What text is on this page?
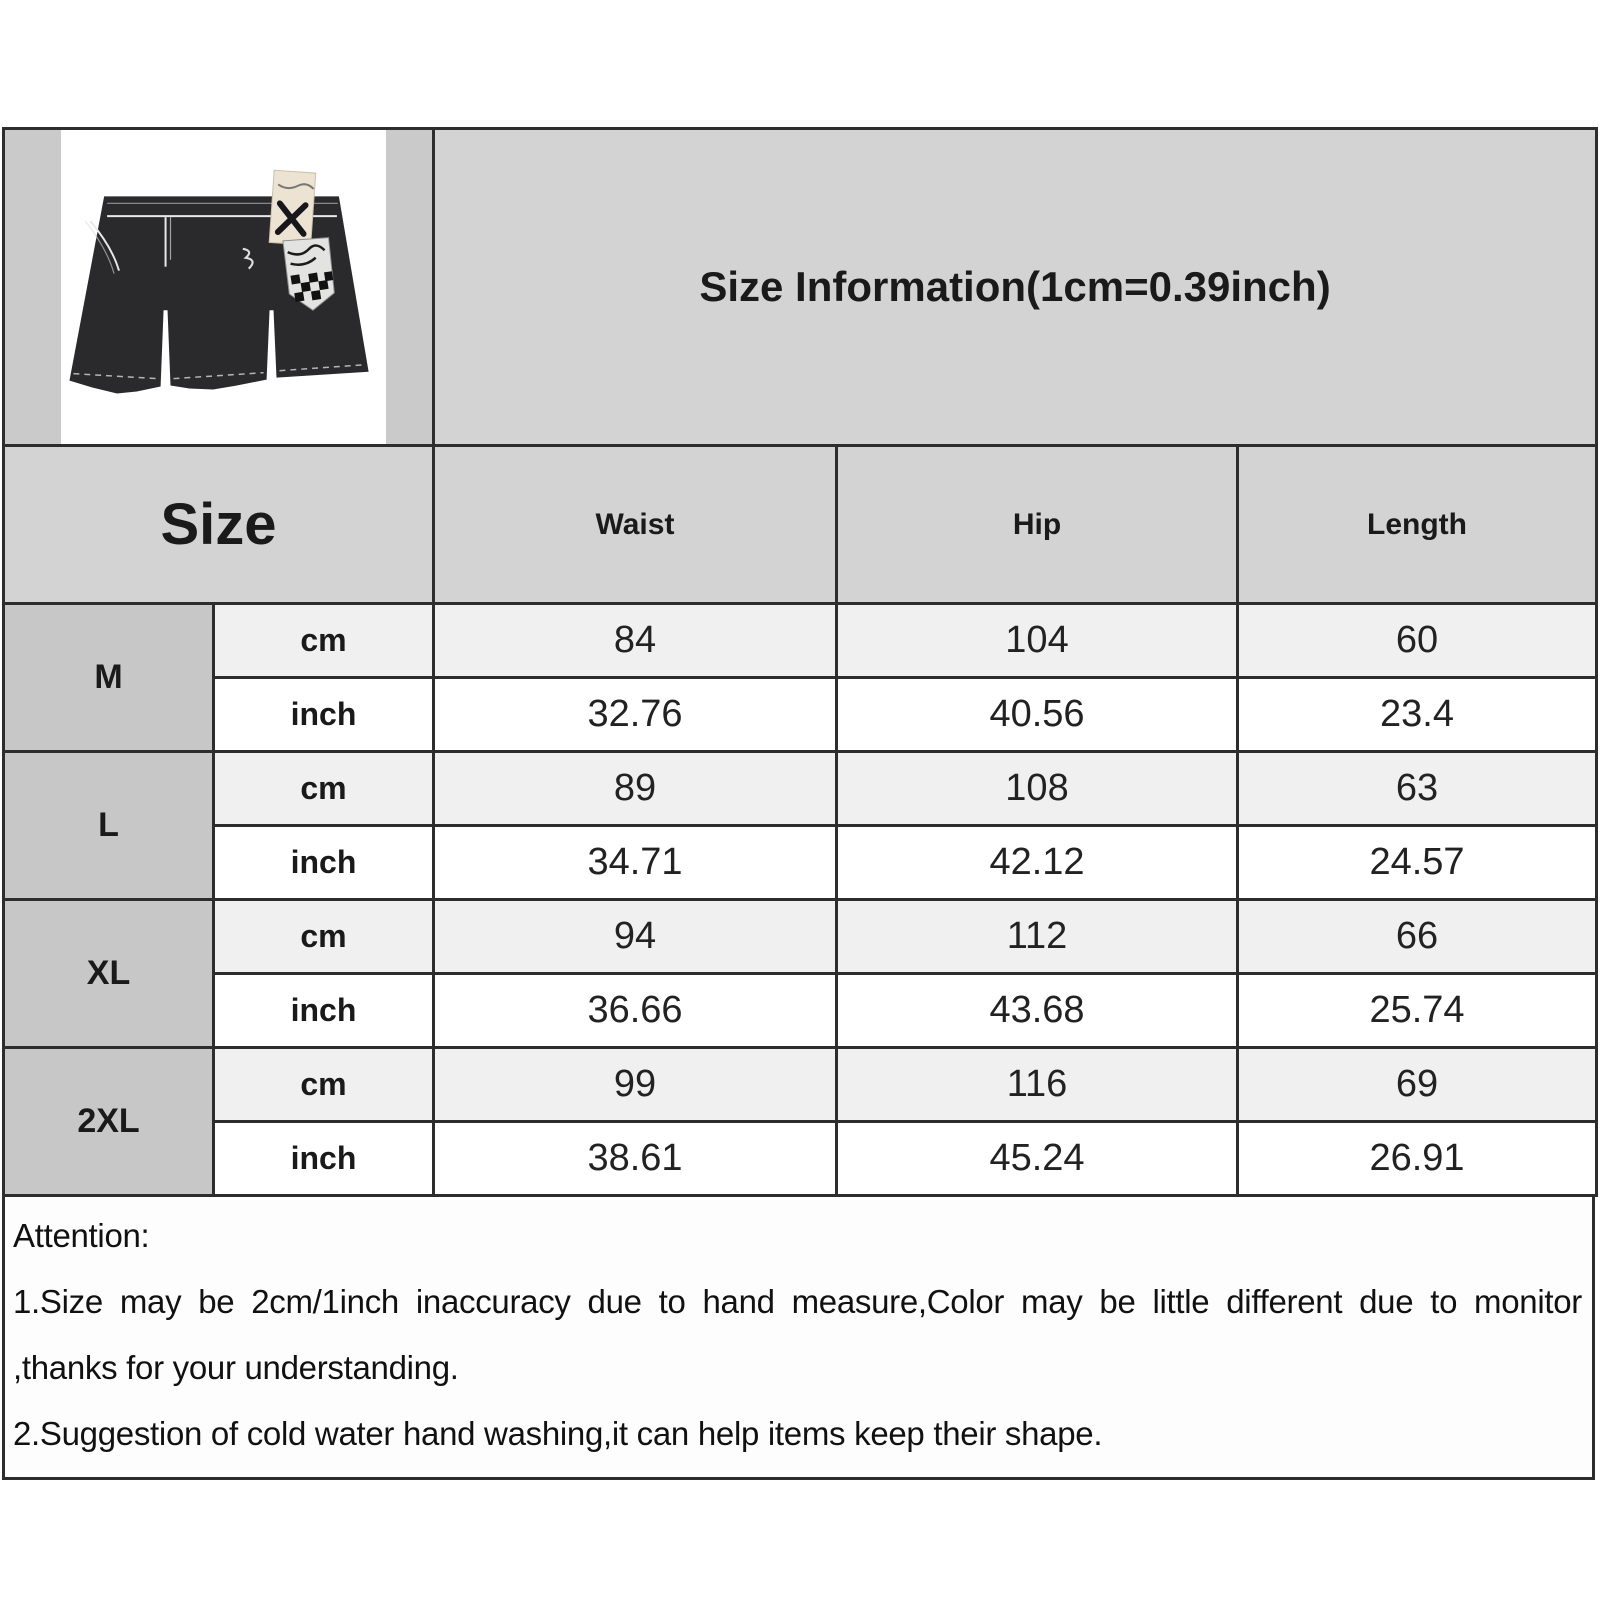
	Size Information(1cm=0.39inch)		
Size		Waist	Hip	Length
M	cm	84	104	60
	inch	32.76	40.56	23.4
L	cm	89	108	63
	inch	34.71	42.12	24.57
XL	cm	94	112	66
	inch	36.66	43.68	25.74
2XL	cm	99	116	69
	inch	38.61	45.24	26.91
Attention:
1.Size may be 2cm/1inch inaccuracy due to hand measure,Color may be little different due to monitor
,thanks for your understanding.
2.Suggestion of cold water hand washing,it can help items keep their shape.
